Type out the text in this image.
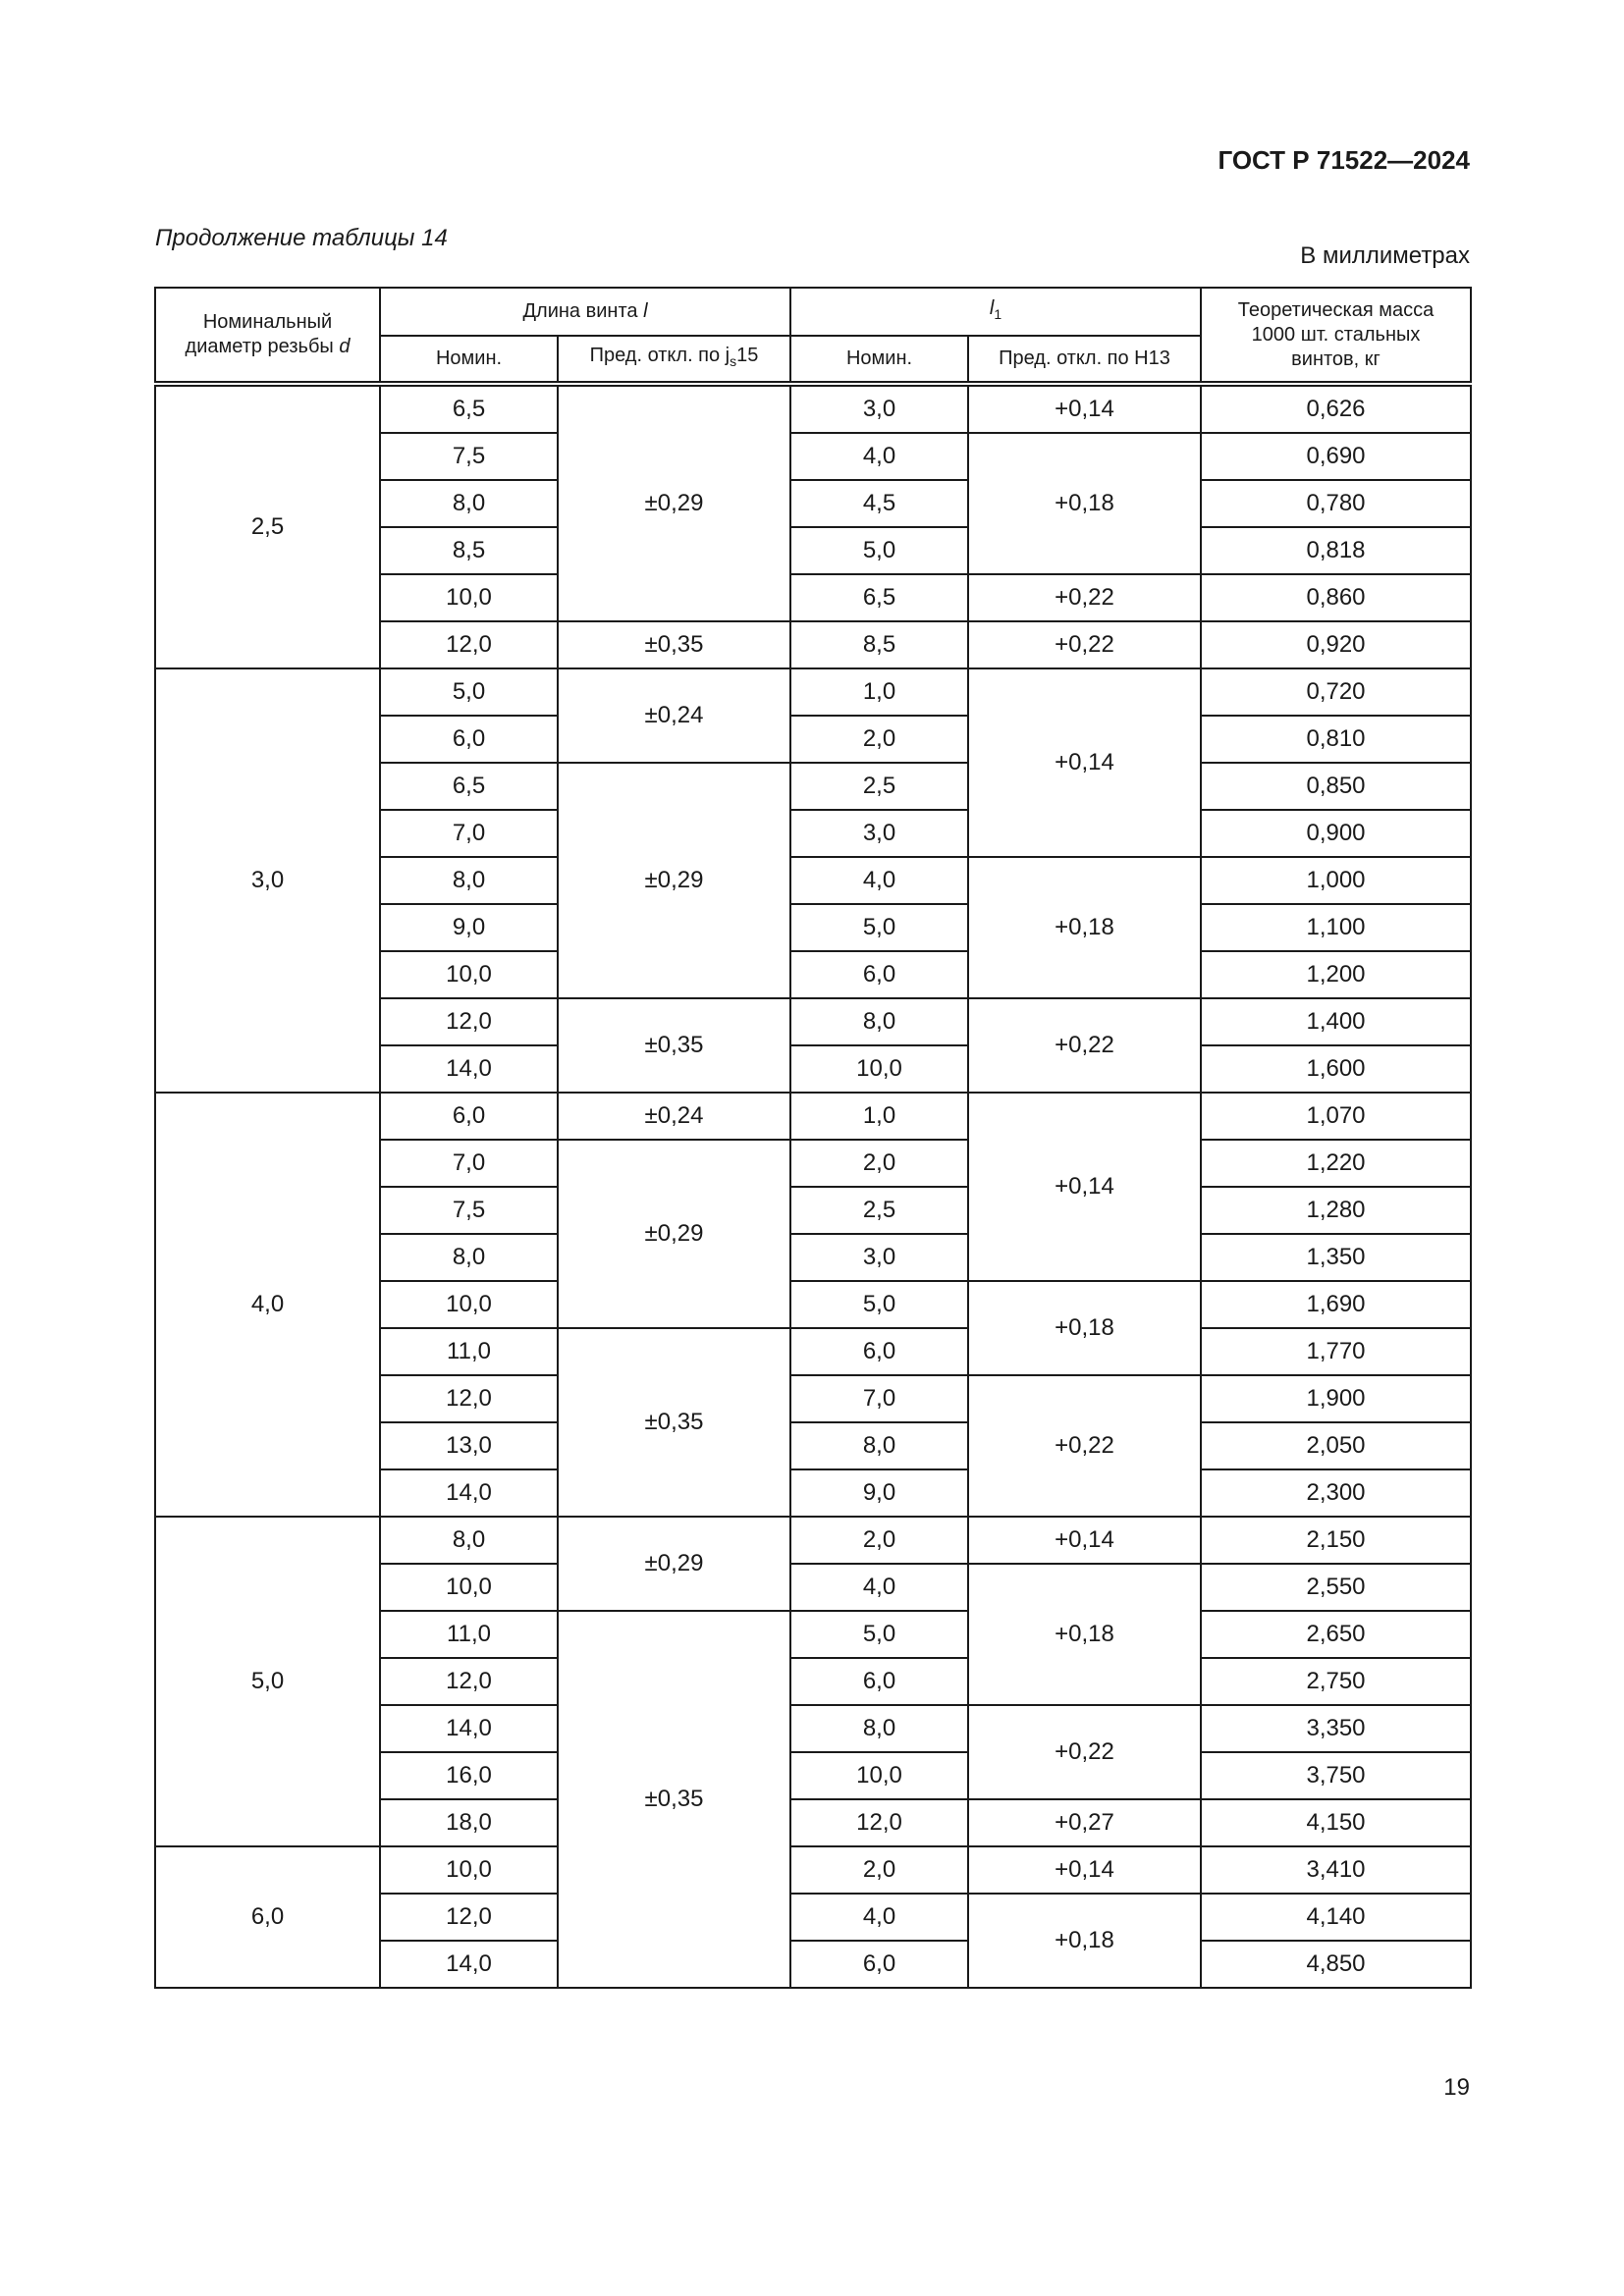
ГОСТ Р 71522—2024
Продолжение таблицы 14
В миллиметрах
Номинальный
диаметр резьбы d	Длина винта l		$l_1$		Теоретическая масса
1000 шт. стальных
винтов, кг
	Номин.	Пред. откл. по $j_s15$	Номин.	Пред. откл. по H13	
2,5	6,5	±0,29	3,0	+0,14	0,626
	7,5		4,0	+0,18	0,690
	8,0		4,5		0,780
	8,5		5,0		0,818
	10,0		6,5	+0,22	0,860
	12,0	±0,35	8,5	+0,22	0,920
3,0	5,0	±0,24	1,0	+0,14	0,720
	6,0		2,0		0,810
	6,5	±0,29	2,5		0,850
	7,0		3,0		0,900
	8,0		4,0	+0,18	1,000
	9,0		5,0		1,100
	10,0		6,0		1,200
	12,0	±0,35	8,0	+0,22	1,400
	14,0		10,0		1,600
4,0	6,0	±0,24	1,0	+0,14	1,070
	7,0	±0,29	2,0		1,220
	7,5		2,5		1,280
	8,0		3,0		1,350
	10,0		5,0	+0,18	1,690
	11,0	±0,35	6,0		1,770
	12,0		7,0	+0,22	1,900
	13,0		8,0		2,050
	14,0		9,0		2,300
5,0	8,0	±0,29	2,0	+0,14	2,150
	10,0		4,0	+0,18	2,550
	11,0	±0,35	5,0		2,650
	12,0		6,0		2,750
	14,0		8,0	+0,22	3,350
	16,0		10,0		3,750
	18,0		12,0	+0,27	4,150
6,0	10,0		2,0	+0,14	3,410
	12,0		4,0	+0,18	4,140
	14,0		6,0		4,850
19
